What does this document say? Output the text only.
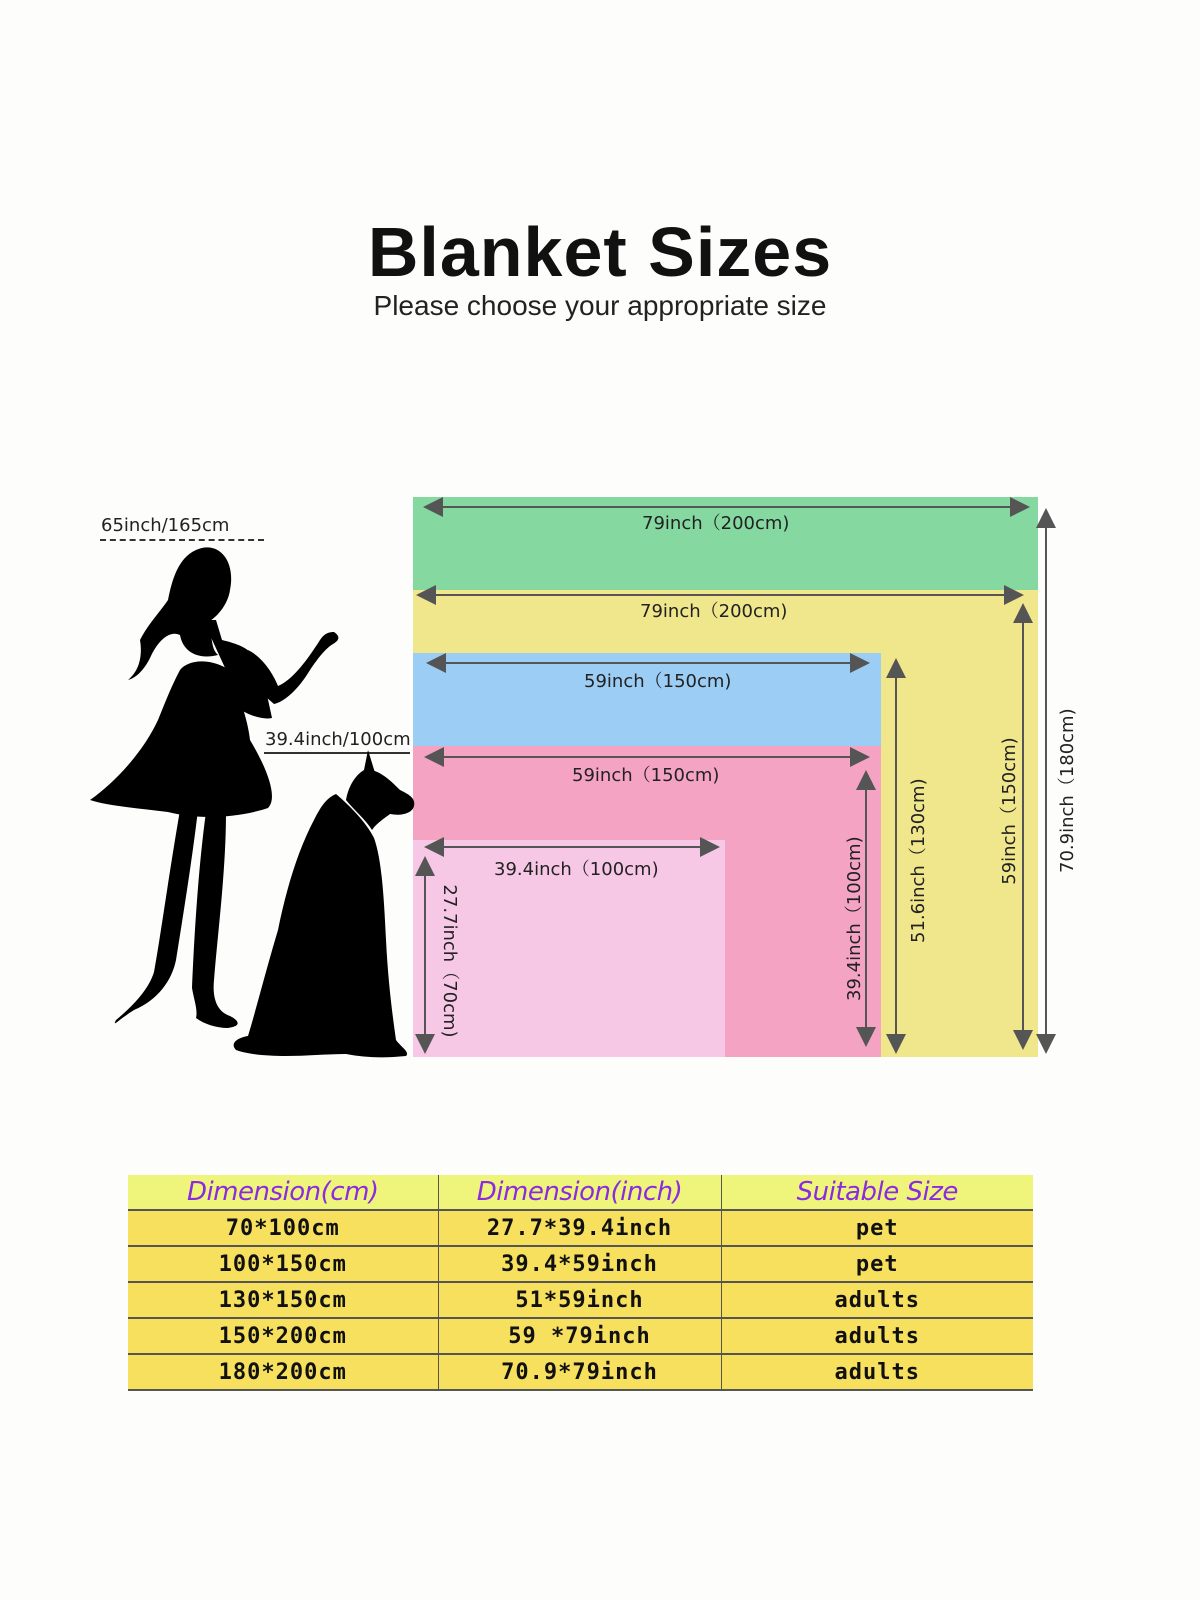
Blanket Sizes
Please choose your appropriate size
79inch（200cm)
79inch（200cm)
59inch（150cm)
59inch（150cm)
39.4inch（100cm)	70.9inch（180cm)
59inch（150cm)
51.6inch（130cm)
39.4inch（100cm)
27.7inch（70cm)
65inch/165cm
39.4inch/100cm
Dimension(cm)	Dimension(inch)	Suitable Size
70*100cm	27.7*39.4inch	pet
100*150cm	39.4*59inch	pet
130*150cm	51*59inch	adults
150*200cm	59 *79inch	adults
180*200cm	70.9*79inch	adults
